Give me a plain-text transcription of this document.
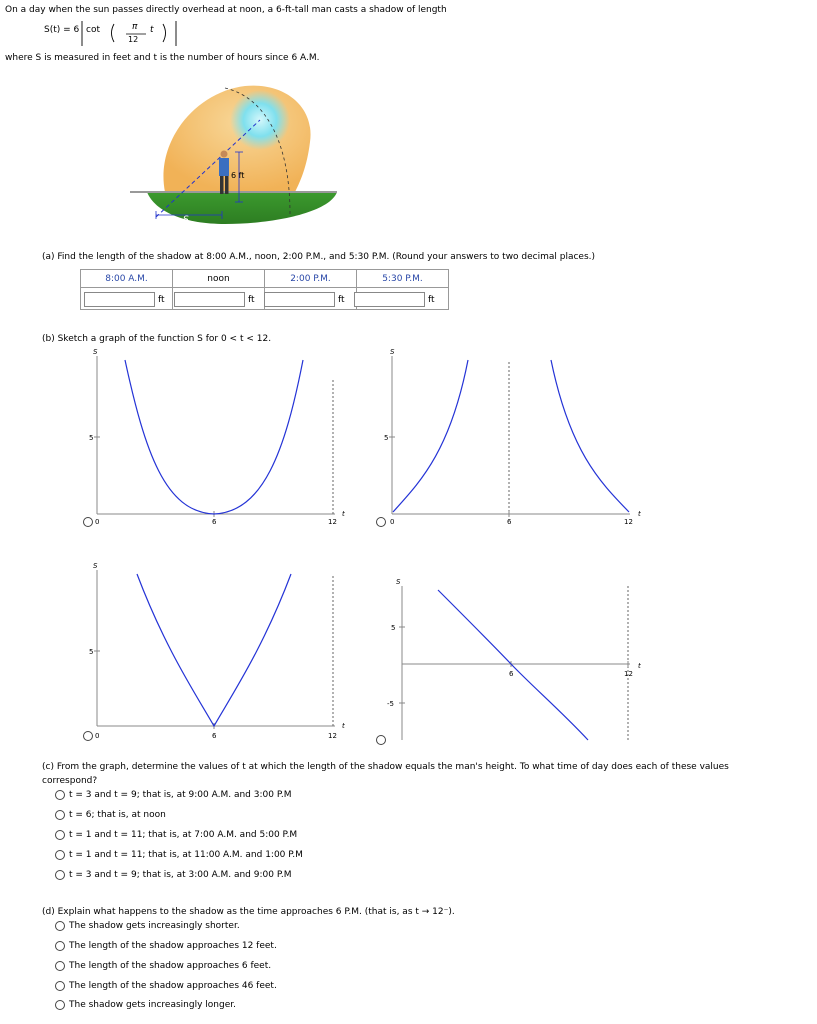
On a day when the sun passes directly overhead at noon, a 6-ft-tall man casts a shadow of length
S(t) = 6 cot	π
12
t
where S is measured in feet and t is the number of hours since 6 A.M.
6 ft
S
(a) Find the length of the shadow at 8:00 A.M., noon, 2:00 P.M., and 5:30 P.M. (Round your answers to two decimal places.)
8:00 A.M.	noon	2:00 P.M.	5:30 P.M.

ft	ft	ft	ft
(b) Sketch a graph of the function S for 0 < t < 12.
S
5
0	6	12
t
S
5
0	6	12
t
S
5
0	6	12
t
S
5
-5
6	12
t
(c) From the graph, determine the values of t at which the length of the shadow equals the man's height. To what time of day does each of these values
correspond?
t = 3 and t = 9; that is, at 9:00 A.M. and 3:00 P.M
t = 6; that is, at noon
t = 1 and t = 11; that is, at 7:00 A.M. and 5:00 P.M
t = 1 and t = 11; that is, at 11:00 A.M. and 1:00 P.M
t = 3 and t = 9; that is, at 3:00 A.M. and 9:00 P.M
(d) Explain what happens to the shadow as the time approaches 6 P.M. (that is, as t → 12⁻).
The shadow gets increasingly shorter.
The length of the shadow approaches 12 feet.
The length of the shadow approaches 6 feet.
The length of the shadow approaches 46 feet.
The shadow gets increasingly longer.
